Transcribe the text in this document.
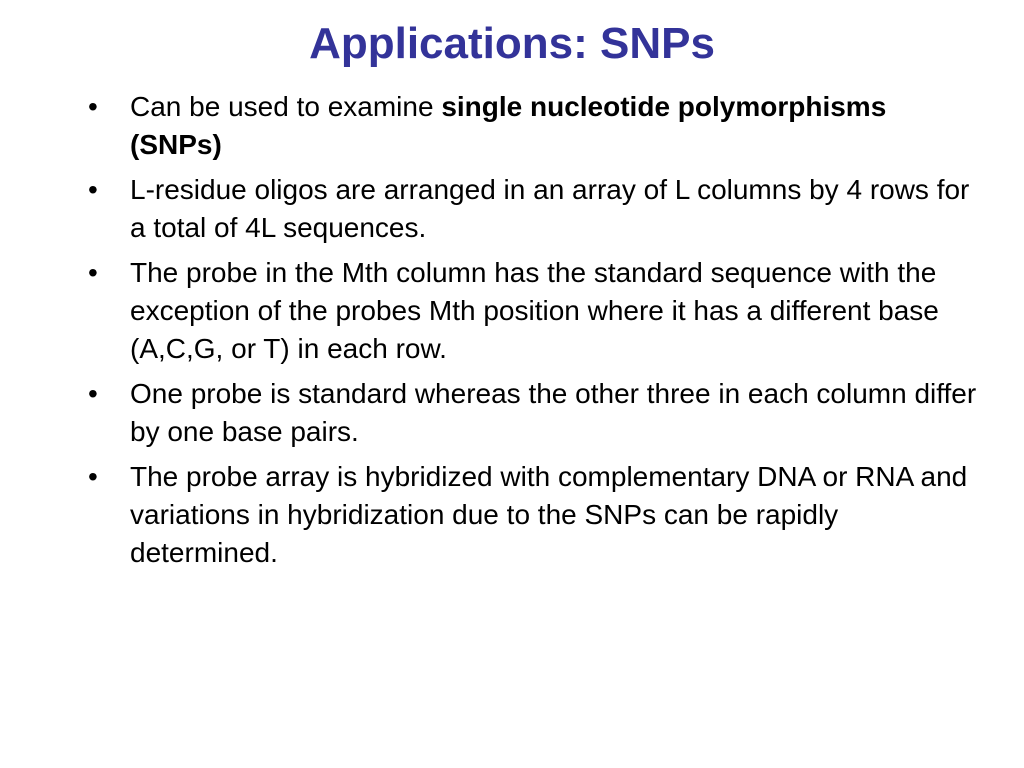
Applications: SNPs
•	Can be used to examine single nucleotide polymorphisms (SNPs)
•	L-residue oligos are arranged in an array of L columns by 4 rows for a total of 4L sequences.
•	The probe in the Mth column has the standard sequence with the exception of the probes Mth position where it has a different base (A,C,G, or T) in each row.
•	One probe is standard whereas the other three in each column differ by one base pairs.
•	The probe array is hybridized with complementary DNA or RNA and variations in hybridization due to the SNPs can be rapidly determined.
